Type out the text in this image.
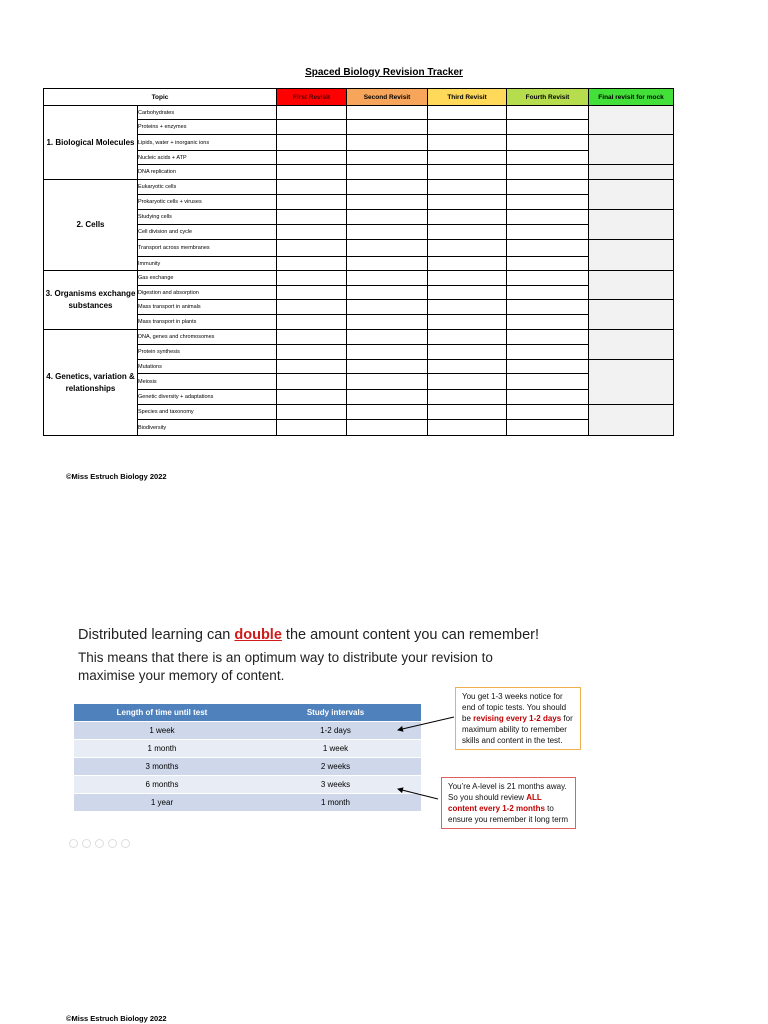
Spaced Biology Revision Tracker
Topic		First Revisit	Second Revisit	Third Revisit	Fourth Revisit	Final revisit for mock
1. Biological Molecules	Carbohydrates					
	Proteins + enzymes					
	Lipids, water + inorganic ions					
	Nucleic acids + ATP					
	DNA replication					
2. Cells	Eukaryotic cells					
	Prokaryotic cells + viruses					
	Studying cells					
	Cell division and cycle					
	Transport across membranes					
	Immunity					
3. Organisms exchange substances	Gas exchange					
	Digestion and absorption					
	Mass transport in animals					
	Mass transport in plants					
4. Genetics, variation & relationships	DNA, genes and chromosomes					
	Protein synthesis					
	Mutations					
	Meiosis					
	Genetic diversity + adaptations					
	Species and taxonomy					
	Biodiversity					
©Miss Estruch Biology 2022
Distributed learning can double the amount content you can remember!
This means that there is an optimum way to distribute your revision to
maximise your memory of content.
Length of time until test	Study intervals
1 week	1-2 days
1 month	1 week
3 months	2 weeks
6 months	3 weeks
1 year	1 month
You get 1-3 weeks notice for end of topic tests. You should be revising every 1-2 days for maximum ability to remember skills and content in the test.
You’re A-level is 21 months away. So you should review ALL content every 1-2 months to ensure you remember it long term
©Miss Estruch Biology 2022
